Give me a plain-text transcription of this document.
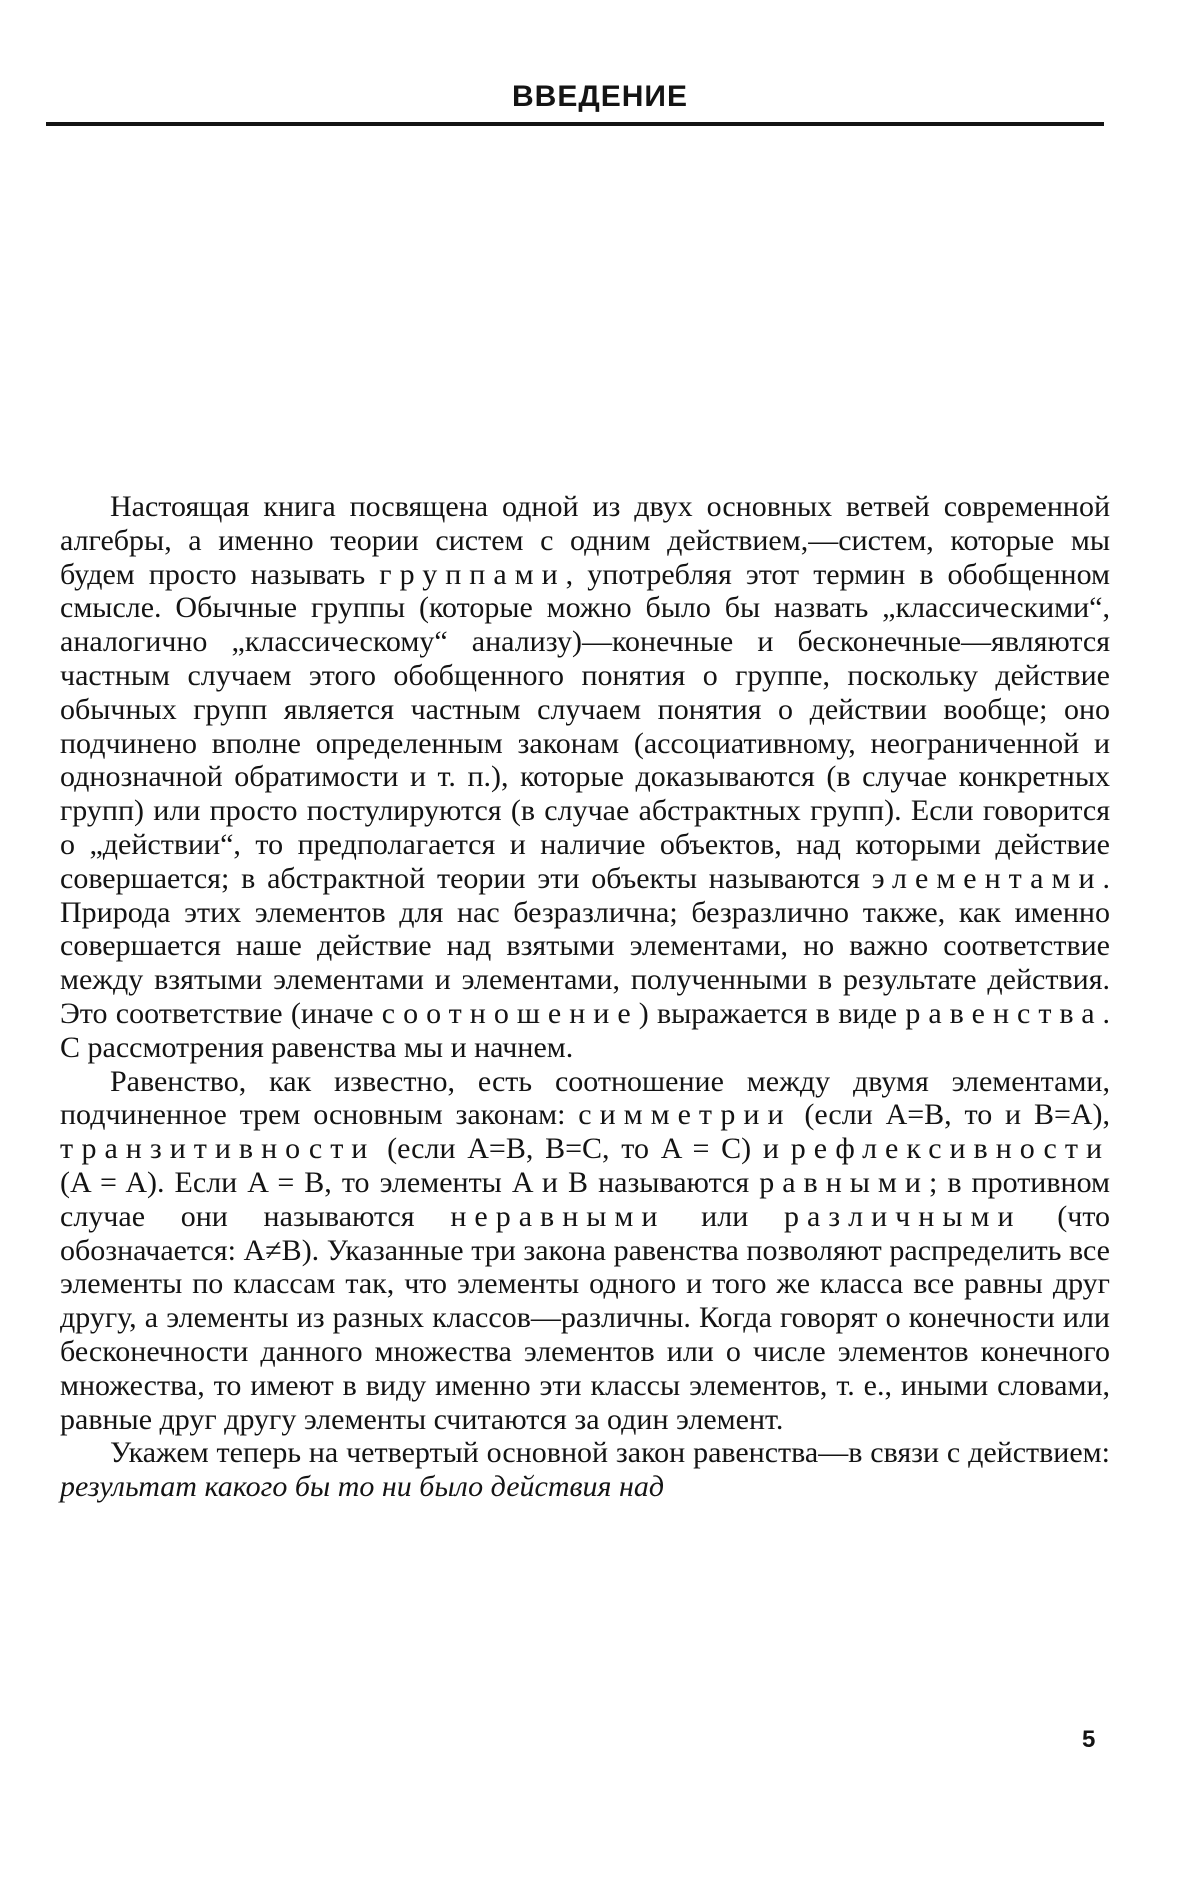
ВВЕДЕНИЕ

Настоящая книга посвящена одной из двух основных ветвей современной алгебры, а именно теории систем с одним действием,—систем, которые мы будем просто называть группами, употребляя этот термин в обобщенном смысле. Обычные группы (которые можно было бы назвать „классическими“, аналогично „классическому“ анализу)—конечные и бесконечные—являются частным случаем этого обобщенного понятия о группе, поскольку действие обычных групп является частным случаем понятия о действии вообще; оно подчинено вполне определенным законам (ассоциативному, неограниченной и однозначной обратимости и т. п.), которые доказываются (в случае конкретных групп) или просто постулируются (в случае абстрактных групп). Если говорится о „действии“, то предполагается и наличие объектов, над которыми действие совершается; в абстрактной теории эти объекты называются элементами. Природа этих элементов для нас безразлична; безразлично также, как именно совершается наше действие над взятыми элементами, но важно соответствие между взятыми элементами и элементами, полученными в результате действия. Это соответствие (иначе соотношение) выражается в виде равенства. С рассмотрения равенства мы и начнем.

Равенство, как известно, есть соотношение между двумя элементами, подчиненное трем основным законам: симметрии (если A=B, то и B=A), транзитивности (если A=B, B=C, то A = C) и рефлексивности (A = A). Если A = B, то элементы A и B называются равными; в противном случае они называются неравными или различными (что обозначается: A≠B). Указанные три закона равенства позволяют распределить все элементы по классам так, что элементы одного и того же класса все равны друг другу, а элементы из разных классов—различны. Когда говорят о конечности или бесконечности данного множества элементов или о числе элементов конечного множества, то имеют в виду именно эти классы элементов, т. е., иными словами, равные друг другу элементы считаются за один элемент.

Укажем теперь на четвертый основной закон равенства—в связи с действием: результат какого бы то ни было действия над

5
